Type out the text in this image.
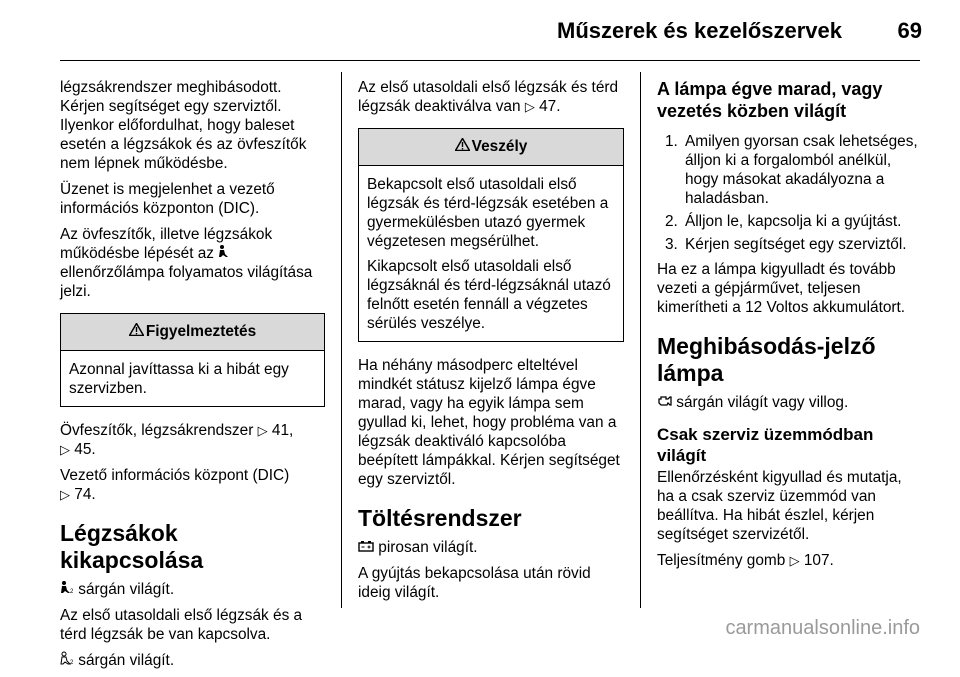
Műszerek és kezelőszervek	69

légzsákrendszer meghibásodott. Kérjen segítséget egy szerviztől. Ilyenkor előfordulhat, hogy baleset esetén a légzsákok és az övfeszítők nem lépnek működésbe.

Üzenet is megjelenhet a vezető információs központon (DIC).

Az övfeszítők, illetve légzsákok működésbe lépését az  ellenőrzőlámpa folyamatos világítása jelzi.

Figyelmeztetés

Azonnal javíttassa ki a hibát egy szervizben.

Övfeszítők, légzsákrendszer ▷ 41,
▷ 45.

Vezető információs központ (DIC)
▷ 74.

Légzsákok kikapcsolása

2 sárgán világít.

Az első utasoldali első légzsák és a térd légzsák be van kapcsolva.

2 sárgán világít.

Az első utasoldali első légzsák és térd légzsák deaktiválva van ▷ 47.

Veszély

Bekapcsolt első utasoldali első légzsák és térd-légzsák esetében a gyermekülésben utazó gyermek végzetesen megsérülhet.

Kikapcsolt első utasoldali első légzsáknál és térd-légzsáknál utazó felnőtt esetén fennáll a végzetes sérülés veszélye.

Ha néhány másodperc elteltével mindkét státusz kijelző lámpa égve marad, vagy ha egyik lámpa sem gyullad ki, lehet, hogy probléma van a légzsák deaktiváló kapcsolóba beépített lámpákkal. Kérjen segítséget egy szerviztől.

Töltésrendszer

pirosan világít.

A gyújtás bekapcsolása után rövid ideig világít.

A lámpa égve marad, vagy vezetés közben világít
1. Amilyen gyorsan csak lehetséges, álljon ki a forgalomból anélkül, hogy másokat akadályozna a haladásban.
2. Álljon le, kapcsolja ki a gyújtást.
3. Kérjen segítséget egy szerviztől.

Ha ez a lámpa kigyulladt és tovább vezeti a gépjárművet, teljesen kimerítheti a 12 Voltos akkumulátort.

Meghibásodás-jelző lámpa

sárgán világít vagy villog.

Csak szerviz üzemmódban világít

Ellenőrzésként kigyullad és mutatja, ha a csak szerviz üzemmód van beállítva. Ha hibát észlel, kérjen segítséget szervizétől.

Teljesítmény gomb ▷ 107.

carmanualsonline.info
